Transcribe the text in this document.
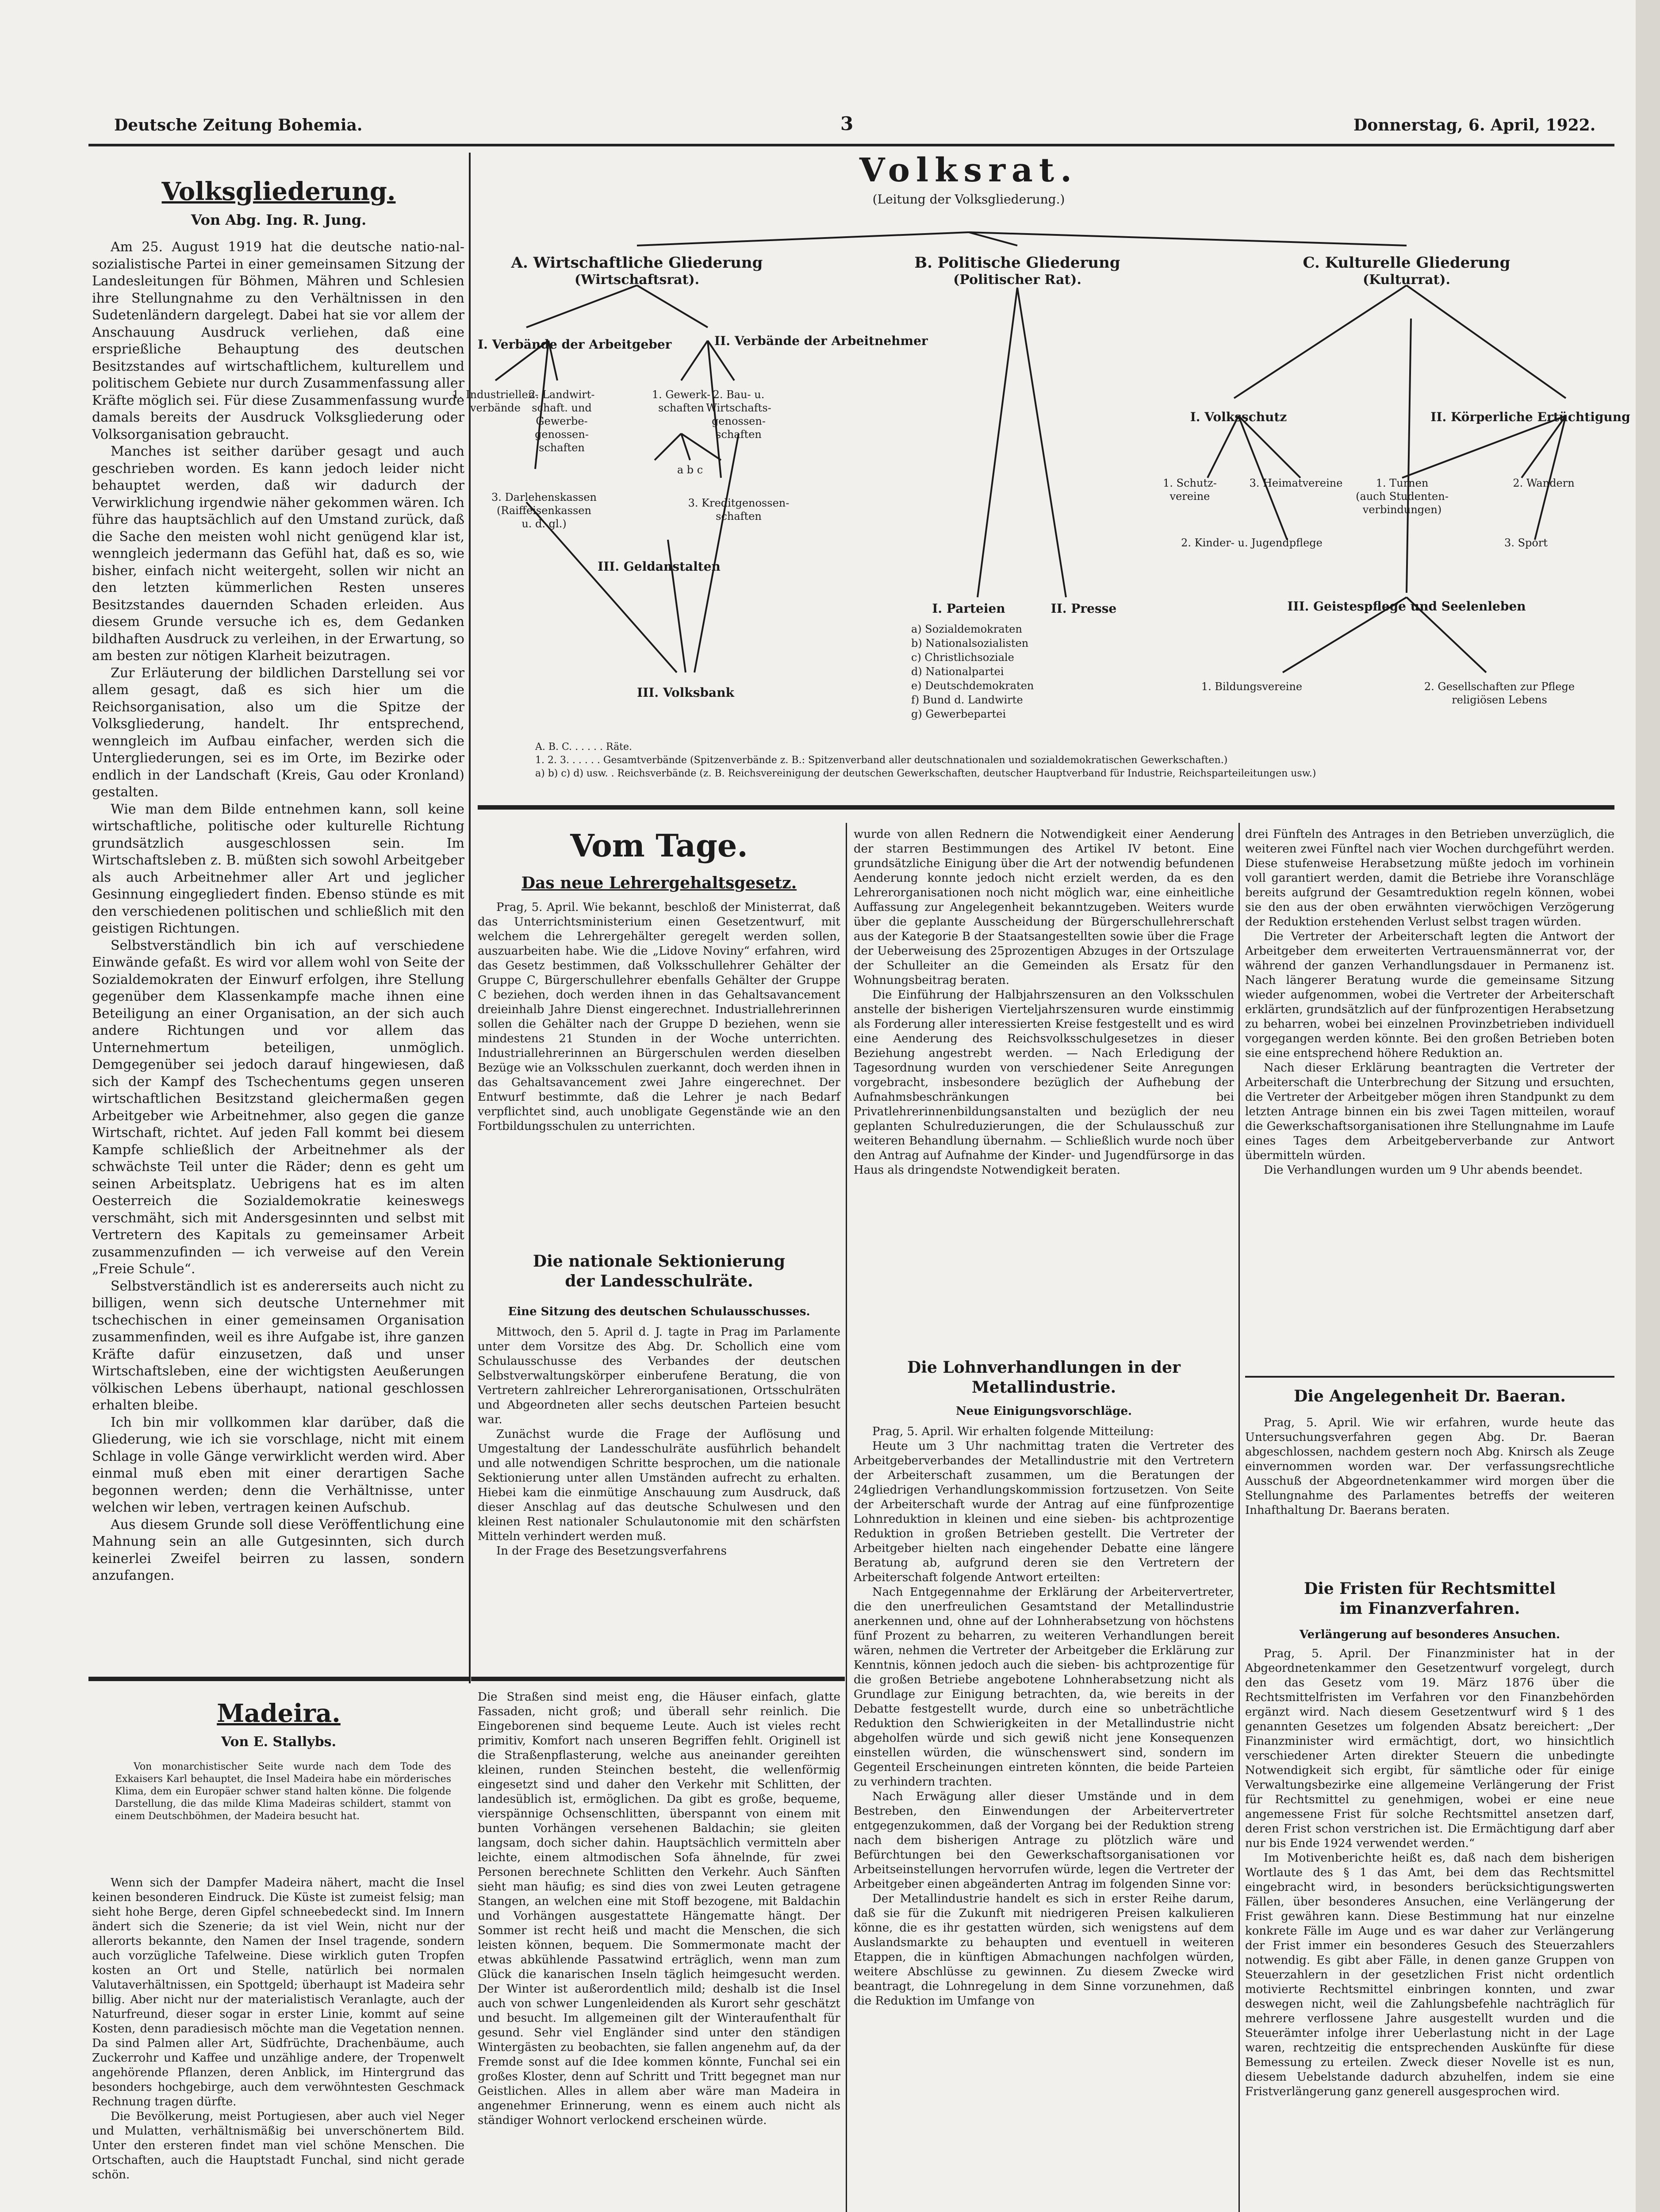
Deutsche Zeitung Bohemia.	3	Donnerstag, 6. April, 1922.
Volksgliederung.
Von Abg. Ing. R. Jung.

Am 25. August 1919 hat die deutsche natio-nal-sozialistische Partei in einer gemeinsamen Sitzung der Landesleitungen für Böhmen, Mähren und Schlesien ihre Stellungnahme zu den Verhältnissen in den Sudetenländern dargelegt. Dabei hat sie vor allem der Anschauung Ausdruck verliehen, daß eine ersprießliche Behauptung des deutschen Besitzstandes auf wirtschaftlichem, kulturellem und politischem Gebiete nur durch Zusammenfassung aller Kräfte möglich sei. Für diese Zusammenfassung wurde damals bereits der Ausdruck Volksgliederung oder Volksorganisation gebraucht.

Manches ist seither darüber gesagt und auch geschrieben worden. Es kann jedoch leider nicht behauptet werden, daß wir dadurch der Verwirklichung irgendwie näher gekommen wären. Ich führe das hauptsächlich auf den Umstand zurück, daß die Sache den meisten wohl nicht genügend klar ist, wenngleich jedermann das Gefühl hat, daß es so, wie bisher, einfach nicht weitergeht, sollen wir nicht an den letzten kümmerlichen Resten unseres Besitzstandes dauernden Schaden erleiden. Aus diesem Grunde versuche ich es, dem Gedanken bildhaften Ausdruck zu verleihen, in der Erwartung, so am besten zur nötigen Klarheit beizutragen.

Zur Erläuterung der bildlichen Darstellung sei vor allem gesagt, daß es sich hier um die Reichsorganisation, also um die Spitze der Volksgliederung, handelt. Ihr entsprechend, wenngleich im Aufbau einfacher, werden sich die Untergliederungen, sei es im Orte, im Bezirke oder endlich in der Landschaft (Kreis, Gau oder Kronland) gestalten.

Wie man dem Bilde entnehmen kann, soll keine wirtschaftliche, politische oder kulturelle Richtung grundsätzlich ausgeschlossen sein. Im Wirtschaftsleben z. B. müßten sich sowohl Arbeitgeber als auch Arbeitnehmer aller Art und jeglicher Gesinnung eingegliedert finden. Ebenso stünde es mit den verschiedenen politischen und schließlich mit den geistigen Richtungen.

Selbstverständlich bin ich auf verschiedene Einwände gefaßt. Es wird vor allem wohl von Seite der Sozialdemokraten der Einwurf erfolgen, ihre Stellung gegenüber dem Klassenkampfe mache ihnen eine Beteiligung an einer Organisation, an der sich auch andere Richtungen und vor allem das Unternehmertum beteiligen, unmöglich. Demgegenüber sei jedoch darauf hingewiesen, daß sich der Kampf des Tschechentums gegen unseren wirtschaftlichen Besitzstand gleichermaßen gegen Arbeitgeber wie Arbeitnehmer, also gegen die ganze Wirtschaft, richtet. Auf jeden Fall kommt bei diesem Kampfe schließlich der Arbeitnehmer als der schwächste Teil unter die Räder; denn es geht um seinen Arbeitsplatz. Uebrigens hat es im alten Oesterreich die Sozialdemokratie keineswegs verschmäht, sich mit Andersgesinnten und selbst mit Vertretern des Kapitals zu gemeinsamer Arbeit zusammenzufinden — ich verweise auf den Verein „Freie Schule“.

Selbstverständlich ist es andererseits auch nicht zu billigen, wenn sich deutsche Unternehmer mit tschechischen in einer gemeinsamen Organisation zusammenfinden, weil es ihre Aufgabe ist, ihre ganzen Kräfte dafür einzusetzen, daß und unser Wirtschaftsleben, eine der wichtigsten Aeußerungen völkischen Lebens überhaupt, national geschlossen erhalten bleibe.

Ich bin mir vollkommen klar darüber, daß die Gliederung, wie ich sie vorschlage, nicht mit einem Schlage in volle Gänge verwirklicht werden wird. Aber einmal muß eben mit einer derartigen Sache begonnen werden; denn die Verhältnisse, unter welchen wir leben, vertragen keinen Aufschub.

Aus diesem Grunde soll diese Veröffentlichung eine Mahnung sein an alle Gutgesinnten, sich durch keinerlei Zweifel beirren zu lassen, sondern anzufangen.

Volksrat.
(Leitung der Volksgliederung.)
A. Wirtschaftliche Gliederung
(Wirtschaftsrat).
B. Politische Gliederung
(Politischer Rat).
C. Kulturelle Gliederung
(Kulturrat).
I. Verbände der Arbeitgeber	II. Verbände der Arbeitnehmer
1. Industriellen-
verbände
2. Landwirt-
schaft. und
Gewerbe-
genossen-
schaften
3. Darlehenskassen
(Raiffeisenkassen
u. d. gl.)
1. Gewerk-
schaften
2. Bau- u.
Wirtschafts-
genossen-
schaften
a b c
3. Kreditgenossen-
schaften
III. Geldanstalten
III. Volksbank
I. Parteien	II. Presse
a) Sozialdemokraten
b) Nationalsozialisten
c) Christlichsoziale
d) Nationalpartei
e) Deutschdemokraten
f) Bund d. Landwirte
g) Gewerbepartei
I. Volksschutz	II. Körperliche Ertüchtigung
1. Schutz-
vereine
3. Heimatvereine
2. Kinder- u. Jugendpflege
1. Turnen
(auch Studenten-
verbindungen)
2. Wandern
3. Sport
III. Geistespflege und Seelenleben
1. Bildungsvereine	2. Gesellschaften zur Pflege
religiösen Lebens
A. B. C. . . . . . Räte.
1. 2. 3. . . . . . Gesamtverbände (Spitzenverbände z. B.: Spitzenverband aller deutschnationalen und sozialdemokratischen Gewerkschaften.)
a) b) c) d) usw. . Reichsverbände (z. B. Reichsvereinigung der deutschen Gewerkschaften, deutscher Hauptverband für Industrie, Reichsparteileitungen usw.)
Vom Tage.
Das neue Lehrergehaltsgesetz.

Prag, 5. April. Wie bekannt, beschloß der Ministerrat, daß das Unterrichtsministerium einen Gesetzentwurf, mit welchem die Lehrergehälter geregelt werden sollen, auszuarbeiten habe. Wie die „Lidove Noviny“ erfahren, wird das Gesetz bestimmen, daß Volksschullehrer Gehälter der Gruppe C, Bürgerschullehrer ebenfalls Gehälter der Gruppe C beziehen, doch werden ihnen in das Gehaltsavancement dreieinhalb Jahre Dienst eingerechnet. Industriallehrerinnen sollen die Gehälter nach der Gruppe D beziehen, wenn sie mindestens 21 Stunden in der Woche unterrichten. Industriallehrerinnen an Bürgerschulen werden dieselben Bezüge wie an Volksschulen zuerkannt, doch werden ihnen in das Gehaltsavancement zwei Jahre eingerechnet. Der Entwurf bestimmte, daß die Lehrer je nach Bedarf verpflichtet sind, auch unobligate Gegenstände wie an den Fortbildungsschulen zu unterrichten.

Die nationale Sektionierung
der Landesschulräte.
Eine Sitzung des deutschen Schulausschusses.

Mittwoch, den 5. April d. J. tagte in Prag im Parlamente unter dem Vorsitze des Abg. Dr. Schollich eine vom Schulausschusse des Verbandes der deutschen Selbstverwaltungskörper einberufene Beratung, die von Vertretern zahlreicher Lehrerorganisationen, Ortsschulräten und Abgeordneten aller sechs deutschen Parteien besucht war.

Zunächst wurde die Frage der Auflösung und Umgestaltung der Landesschulräte ausführlich behandelt und alle notwendigen Schritte besprochen, um die nationale Sektionierung unter allen Umständen aufrecht zu erhalten. Hiebei kam die einmütige Anschauung zum Ausdruck, daß dieser Anschlag auf das deutsche Schulwesen und den kleinen Rest nationaler Schulautonomie mit den schärfsten Mitteln verhindert werden muß.

In der Frage des Besetzungsverfahrens

wurde von allen Rednern die Notwendigkeit einer Aenderung der starren Bestimmungen des Artikel IV betont. Eine grundsätzliche Einigung über die Art der notwendig befundenen Aenderung konnte jedoch nicht erzielt werden, da es den Lehrerorganisationen noch nicht möglich war, eine einheitliche Auffassung zur Angelegenheit bekanntzugeben. Weiters wurde über die geplante Ausscheidung der Bürgerschullehrerschaft aus der Kategorie B der Staatsangestellten sowie über die Frage der Ueberweisung des 25prozentigen Abzuges in der Ortszulage der Schulleiter an die Gemeinden als Ersatz für den Wohnungsbeitrag beraten.

Die Einführung der Halbjahrszensuren an den Volksschulen anstelle der bisherigen Vierteljahrszensuren wurde einstimmig als Forderung aller interessierten Kreise festgestellt und es wird eine Aenderung des Reichsvolksschulgesetzes in dieser Beziehung angestrebt werden. — Nach Erledigung der Tagesordnung wurden von verschiedener Seite Anregungen vorgebracht, insbesondere bezüglich der Aufhebung der Aufnahmsbeschränkungen bei Privatlehrerinnenbildungsanstalten und bezüglich der neu geplanten Schulreduzierungen, die der Schulausschuß zur weiteren Behandlung übernahm. — Schließlich wurde noch über den Antrag auf Aufnahme der Kinder- und Jugendfürsorge in das Haus als dringendste Notwendigkeit beraten.

Die Lohnverhandlungen in der
Metallindustrie.
Neue Einigungsvorschläge.

Prag, 5. April. Wir erhalten folgende Mitteilung:

Heute um 3 Uhr nachmittag traten die Vertreter des Arbeitgeberverbandes der Metallindustrie mit den Vertretern der Arbeiterschaft zusammen, um die Beratungen der 24gliedrigen Verhandlungskommission fortzusetzen. Von Seite der Arbeiterschaft wurde der Antrag auf eine fünfprozentige Lohnreduktion in kleinen und eine sieben- bis achtprozentige Reduktion in großen Betrieben gestellt. Die Vertreter der Arbeitgeber hielten nach eingehender Debatte eine längere Beratung ab, aufgrund deren sie den Vertretern der Arbeiterschaft folgende Antwort erteilten:

Nach Entgegennahme der Erklärung der Arbeitervertreter, die den unerfreulichen Gesamtstand der Metallindustrie anerkennen und, ohne auf der Lohnherabsetzung von höchstens fünf Prozent zu beharren, zu weiteren Verhandlungen bereit wären, nehmen die Vertreter der Arbeitgeber die Erklärung zur Kenntnis, können jedoch auch die sieben- bis achtprozentige für die großen Betriebe angebotene Lohnherabsetzung nicht als Grundlage zur Einigung betrachten, da, wie bereits in der Debatte festgestellt wurde, durch eine so unbeträchtliche Reduktion den Schwierigkeiten in der Metallindustrie nicht abgeholfen würde und sich gewiß nicht jene Konsequenzen einstellen würden, die wünschenswert sind, sondern im Gegenteil Erscheinungen eintreten könnten, die beide Parteien zu verhindern trachten.

Nach Erwägung aller dieser Umstände und in dem Bestreben, den Einwendungen der Arbeitervertreter entgegenzukommen, daß der Vorgang bei der Reduktion streng nach dem bisherigen Antrage zu plötzlich wäre und Befürchtungen bei den Gewerkschaftsorganisationen vor Arbeitseinstellungen hervorrufen würde, legen die Vertreter der Arbeitgeber einen abgeänderten Antrag im folgenden Sinne vor:

Der Metallindustrie handelt es sich in erster Reihe darum, daß sie für die Zukunft mit niedrigeren Preisen kalkulieren könne, die es ihr gestatten würden, sich wenigstens auf dem Auslandsmarkte zu behaupten und eventuell in weiteren Etappen, die in künftigen Abmachungen nachfolgen würden, weitere Abschlüsse zu gewinnen. Zu diesem Zwecke wird beantragt, die Lohnregelung in dem Sinne vorzunehmen, daß die Reduktion im Umfange von

drei Fünfteln des Antrages in den Betrieben unverzüglich, die weiteren zwei Fünftel nach vier Wochen durchgeführt werden. Diese stufenweise Herabsetzung müßte jedoch im vorhinein voll garantiert werden, damit die Betriebe ihre Voranschläge bereits aufgrund der Gesamtreduktion regeln können, wobei sie den aus der oben erwähnten vierwöchigen Verzögerung der Reduktion erstehenden Verlust selbst tragen würden.

Die Vertreter der Arbeiterschaft legten die Antwort der Arbeitgeber dem erweiterten Vertrauensmännerrat vor, der während der ganzen Verhandlungsdauer in Permanenz ist. Nach längerer Beratung wurde die gemeinsame Sitzung wieder aufgenommen, wobei die Vertreter der Arbeiterschaft erklärten, grundsätzlich auf der fünfprozentigen Herabsetzung zu beharren, wobei bei einzelnen Provinzbetrieben individuell vorgegangen werden könnte. Bei den großen Betrieben boten sie eine entsprechend höhere Reduktion an.

Nach dieser Erklärung beantragten die Vertreter der Arbeiterschaft die Unterbrechung der Sitzung und ersuchten, die Vertreter der Arbeitgeber mögen ihren Standpunkt zu dem letzten Antrage binnen ein bis zwei Tagen mitteilen, worauf die Gewerkschaftsorganisationen ihre Stellungnahme im Laufe eines Tages dem Arbeitgeberverbande zur Antwort übermitteln würden.

Die Verhandlungen wurden um 9 Uhr abends beendet.

Die Angelegenheit Dr. Baeran.

Prag, 5. April. Wie wir erfahren, wurde heute das Untersuchungsverfahren gegen Abg. Dr. Baeran abgeschlossen, nachdem gestern noch Abg. Knirsch als Zeuge einvernommen worden war. Der verfassungsrechtliche Ausschuß der Abgeordnetenkammer wird morgen über die Stellungnahme des Parlamentes betreffs der weiteren Inhafthaltung Dr. Baerans beraten.

Die Fristen für Rechtsmittel
im Finanzverfahren.
Verlängerung auf besonderes Ansuchen.

Prag, 5. April. Der Finanzminister hat in der Abgeordnetenkammer den Gesetzentwurf vorgelegt, durch den das Gesetz vom 19. März 1876 über die Rechtsmittelfristen im Verfahren vor den Finanzbehörden ergänzt wird. Nach diesem Gesetzentwurf wird § 1 des genannten Gesetzes um folgenden Absatz bereichert: „Der Finanzminister wird ermächtigt, dort, wo hinsichtlich verschiedener Arten direkter Steuern die unbedingte Notwendigkeit sich ergibt, für sämtliche oder für einige Verwaltungsbezirke eine allgemeine Verlängerung der Frist für Rechtsmittel zu genehmigen, wobei er eine neue angemessene Frist für solche Rechtsmittel ansetzen darf, deren Frist schon verstrichen ist. Die Ermächtigung darf aber nur bis Ende 1924 verwendet werden.“

Im Motivenberichte heißt es, daß nach dem bisherigen Wortlaute des § 1 das Amt, bei dem das Rechtsmittel eingebracht wird, in besonders berücksichtigungswerten Fällen, über besonderes Ansuchen, eine Verlängerung der Frist gewähren kann. Diese Bestimmung hat nur einzelne konkrete Fälle im Auge und es war daher zur Verlängerung der Frist immer ein besonderes Gesuch des Steuerzahlers notwendig. Es gibt aber Fälle, in denen ganze Gruppen von Steuerzahlern in der gesetzlichen Frist nicht ordentlich motivierte Rechtsmittel einbringen konnten, und zwar deswegen nicht, weil die Zahlungsbefehle nachträglich für mehrere verflossene Jahre ausgestellt wurden und die Steuerämter infolge ihrer Ueberlastung nicht in der Lage waren, rechtzeitig die entsprechenden Auskünfte für diese Bemessung zu erteilen. Zweck dieser Novelle ist es nun, diesem Uebelstande dadurch abzuhelfen, indem sie eine Fristverlängerung ganz generell ausgesprochen wird.

Madeira.
Von E. Stallybs.

Von monarchistischer Seite wurde nach dem Tode des Exkaisers Karl behauptet, die Insel Madeira habe ein mörderisches Klima, dem ein Europäer schwer stand halten könne. Die folgende Darstellung, die das milde Klima Madeiras schildert, stammt von einem Deutschböhmen, der Madeira besucht hat.

Wenn sich der Dampfer Madeira nähert, macht die Insel keinen besonderen Eindruck. Die Küste ist zumeist felsig; man sieht hohe Berge, deren Gipfel schneebedeckt sind. Im Innern ändert sich die Szenerie; da ist viel Wein, nicht nur der allerorts bekannte, den Namen der Insel tragende, sondern auch vorzügliche Tafelweine. Diese wirklich guten Tropfen kosten an Ort und Stelle, natürlich bei normalen Valutaverhältnissen, ein Spottgeld; überhaupt ist Madeira sehr billig. Aber nicht nur der materialistisch Veranlagte, auch der Naturfreund, dieser sogar in erster Linie, kommt auf seine Kosten, denn paradiesisch möchte man die Vegetation nennen. Da sind Palmen aller Art, Südfrüchte, Drachenbäume, auch Zuckerrohr und Kaffee und unzählige andere, der Tropenwelt angehörende Pflanzen, deren Anblick, im Hintergrund das besonders hochgebirge, auch dem verwöhntesten Geschmack Rechnung tragen dürfte.

Die Bevölkerung, meist Portugiesen, aber auch viel Neger und Mulatten, verhältnismäßig bei unverschönertem Bild. Unter den ersteren findet man viel schöne Menschen. Die Ortschaften, auch die Hauptstadt Funchal, sind nicht gerade schön.

Die Straßen sind meist eng, die Häuser einfach, glatte Fassaden, nicht groß; und überall sehr reinlich. Die Eingeborenen sind bequeme Leute. Auch ist vieles recht primitiv, Komfort nach unseren Begriffen fehlt. Originell ist die Straßenpflasterung, welche aus aneinander gereihten kleinen, runden Steinchen besteht, die wellenförmig eingesetzt sind und daher den Verkehr mit Schlitten, der landesüblich ist, ermöglichen. Da gibt es große, bequeme, vierspännige Ochsenschlitten, überspannt von einem mit bunten Vorhängen versehenen Baldachin; sie gleiten langsam, doch sicher dahin. Hauptsächlich vermitteln aber leichte, einem altmodischen Sofa ähnelnde, für zwei Personen berechnete Schlitten den Verkehr. Auch Sänften sieht man häufig; es sind dies von zwei Leuten getragene Stangen, an welchen eine mit Stoff bezogene, mit Baldachin und Vorhängen ausgestattete Hängematte hängt. Der Sommer ist recht heiß und macht die Menschen, die sich leisten können, bequem. Die Sommermonate macht der etwas abkühlende Passatwind erträglich, wenn man zum Glück die kanarischen Inseln täglich heimgesucht werden. Der Winter ist außerordentlich mild; deshalb ist die Insel auch von schwer Lungenleidenden als Kurort sehr geschätzt und besucht. Im allgemeinen gilt der Winteraufenthalt für gesund. Sehr viel Engländer sind unter den ständigen Wintergästen zu beobachten, sie fallen angenehm auf, da der Fremde sonst auf die Idee kommen könnte, Funchal sei ein großes Kloster, denn auf Schritt und Tritt begegnet man nur Geistlichen. Alles in allem aber wäre man Madeira in angenehmer Erinnerung, wenn es einem auch nicht als ständiger Wohnort verlockend erscheinen würde.
